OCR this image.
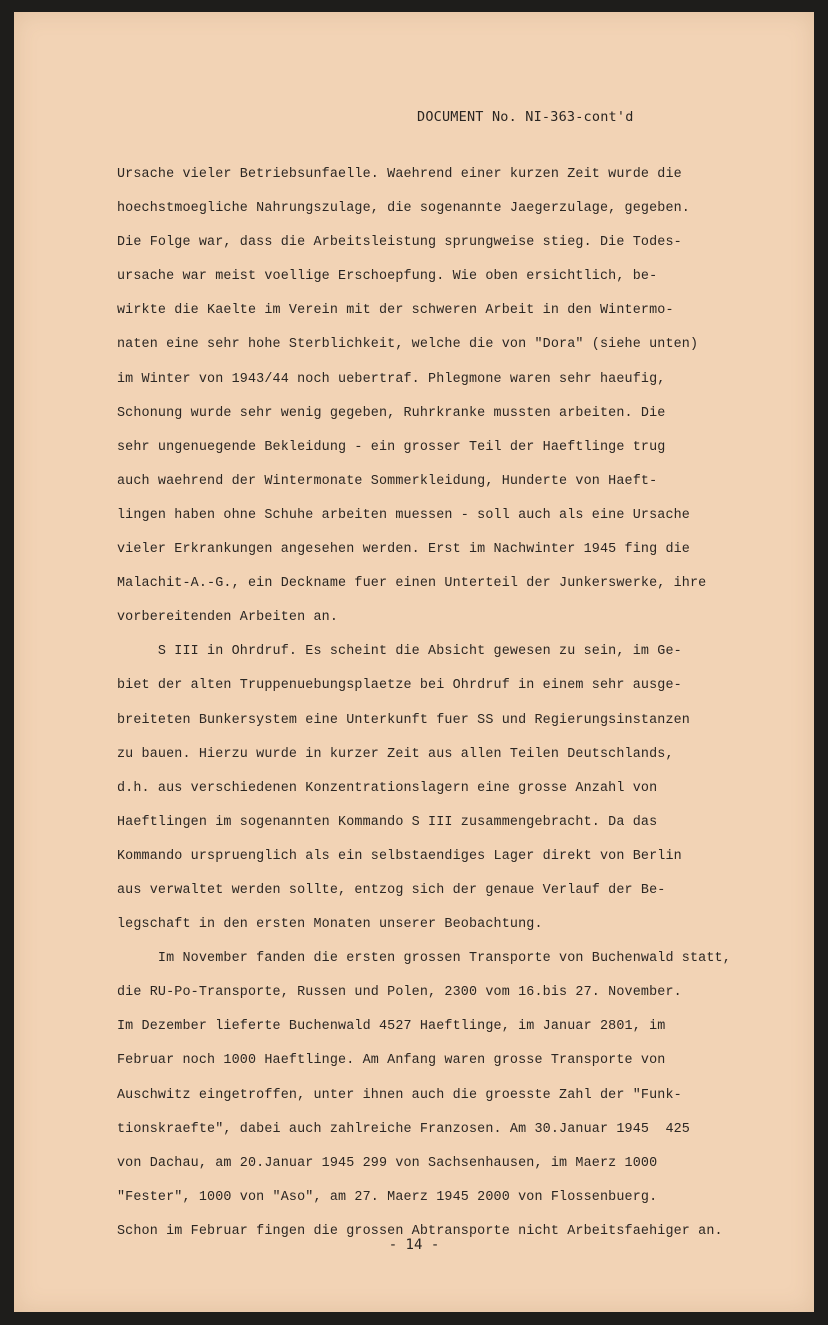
DOCUMENT No. NI-363-cont'd
Ursache vieler Betriebsunfaelle. Waehrend einer kurzen Zeit wurde die
hoechstmoegliche Nahrungszulage, die sogenannte Jaegerzulage, gegeben.
Die Folge war, dass die Arbeitsleistung sprungweise stieg. Die Todes-
ursache war meist voellige Erschoepfung. Wie oben ersichtlich, be-
wirkte die Kaelte im Verein mit der schweren Arbeit in den Wintermo-
naten eine sehr hohe Sterblichkeit, welche die von "Dora" (siehe unten)
im Winter von 1943/44 noch uebertraf. Phlegmone waren sehr haeufig,
Schonung wurde sehr wenig gegeben, Ruhrkranke mussten arbeiten. Die
sehr ungenuegende Bekleidung - ein grosser Teil der Haeftlinge trug
auch waehrend der Wintermonate Sommerkleidung, Hunderte von Haeft-
lingen haben ohne Schuhe arbeiten muessen - soll auch als eine Ursache
vieler Erkrankungen angesehen werden. Erst im Nachwinter 1945 fing die
Malachit-A.-G., ein Deckname fuer einen Unterteil der Junkerswerke, ihre
vorbereitenden Arbeiten an.
S III in Ohrdruf. Es scheint die Absicht gewesen zu sein, im Ge-
biet der alten Truppenuebungsplaetze bei Ohrdruf in einem sehr ausge-
breiteten Bunkersystem eine Unterkunft fuer SS und Regierungsinstanzen
zu bauen. Hierzu wurde in kurzer Zeit aus allen Teilen Deutschlands,
d.h. aus verschiedenen Konzentrationslagern eine grosse Anzahl von
Haeftlingen im sogenannten Kommando S III zusammengebracht. Da das
Kommando urspruenglich als ein selbstaendiges Lager direkt von Berlin
aus verwaltet werden sollte, entzog sich der genaue Verlauf der Be-
legschaft in den ersten Monaten unserer Beobachtung.
Im November fanden die ersten grossen Transporte von Buchenwald statt,
die RU-Po-Transporte, Russen und Polen, 2300 vom 16.bis 27. November.
Im Dezember lieferte Buchenwald 4527 Haeftlinge, im Januar 2801, im
Februar noch 1000 Haeftlinge. Am Anfang waren grosse Transporte von
Auschwitz eingetroffen, unter ihnen auch die groesste Zahl der "Funk-
tionskraefte", dabei auch zahlreiche Franzosen. Am 30.Januar 1945  425
von Dachau, am 20.Januar 1945 299 von Sachsenhausen, im Maerz 1000
"Fester", 1000 von "Aso", am 27. Maerz 1945 2000 von Flossenbuerg.
Schon im Februar fingen die grossen Abtransporte nicht Arbeitsfaehiger an.
- 14 -
